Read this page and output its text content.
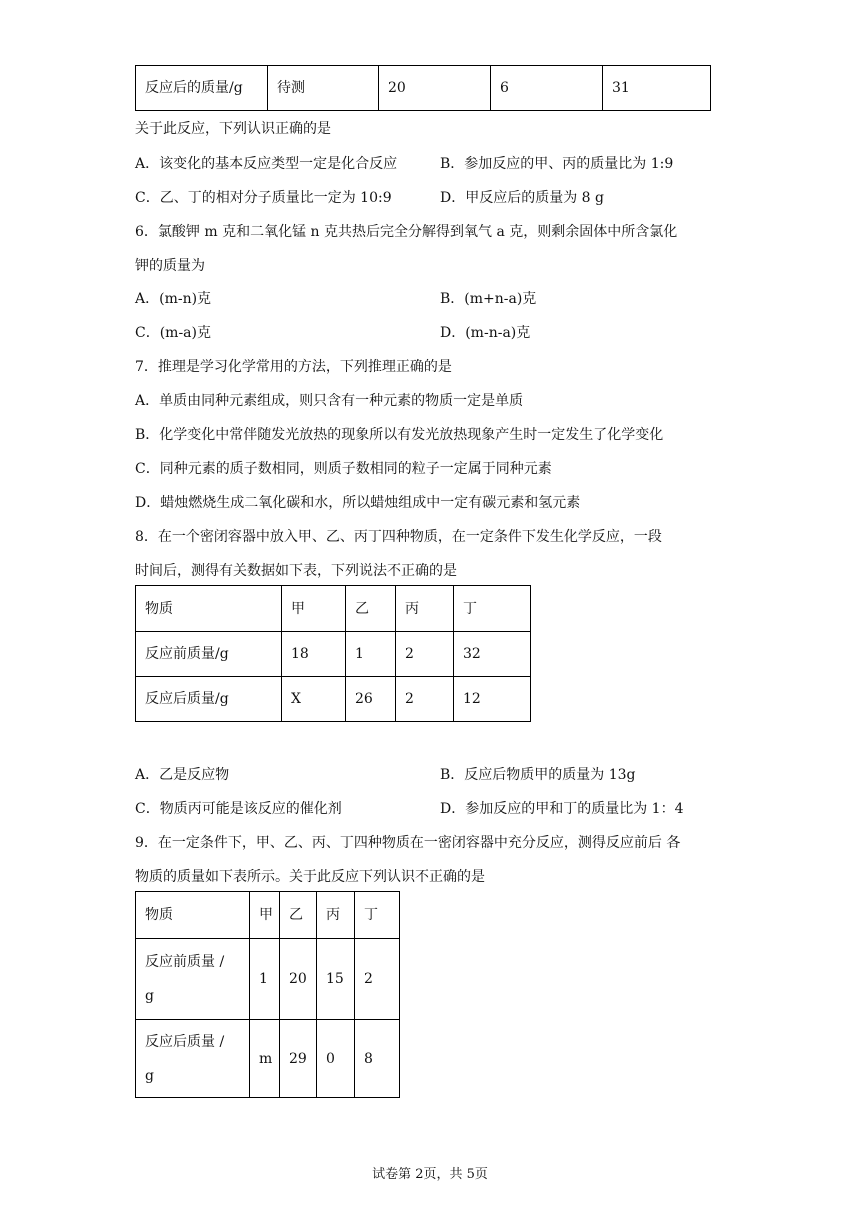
反应后的质量/g	待测	20	6	31
关于此反应，下列认识正确的是
A．该变化的基本反应类型一定是化合反应	B．参加反应的甲、丙的质量比为 1:9
C．乙、丁的相对分子质量比一定为 10:9	D．甲反应后的质量为 8 g
6．氯酸钾 m 克和二氧化锰 n 克共热后完全分解得到氧气 a 克，则剩余固体中所含氯化
钾的质量为
A．(m-n)克	B．(m+n-a)克
C．(m-a)克	D．(m-n-a)克
7．推理是学习化学常用的方法，下列推理正确的是
A．单质由同种元素组成，则只含有一种元素的物质一定是单质
B．化学变化中常伴随发光放热的现象所以有发光放热现象产生时一定发生了化学变化
C．同种元素的质子数相同，则质子数相同的粒子一定属于同种元素
D．蜡烛燃烧生成二氧化碳和水，所以蜡烛组成中一定有碳元素和氢元素
8．在一个密闭容器中放入甲、乙、丙丁四种物质，在一定条件下发生化学反应，一段
时间后，测得有关数据如下表，下列说法不正确的是
物质	甲	乙	丙	丁
反应前质量/g	18	1	2	32
反应后质量/g	X	26	2	12
A．乙是反应物	B．反应后物质甲的质量为 13g
C．物质丙可能是该反应的催化剂	D．参加反应的甲和丁的质量比为 1：4
9．在一定条件下，甲、乙、丙、丁四种物质在一密闭容器中充分反应，测得反应前后 各
物质的质量如下表所示。关于此反应下列认识不正确的是
物质	甲	乙	丙	丁

反应前质量 /
g	1	20	15	2

反应后质量 /
g	m	29	0	8
试卷第 2页，共 5页
